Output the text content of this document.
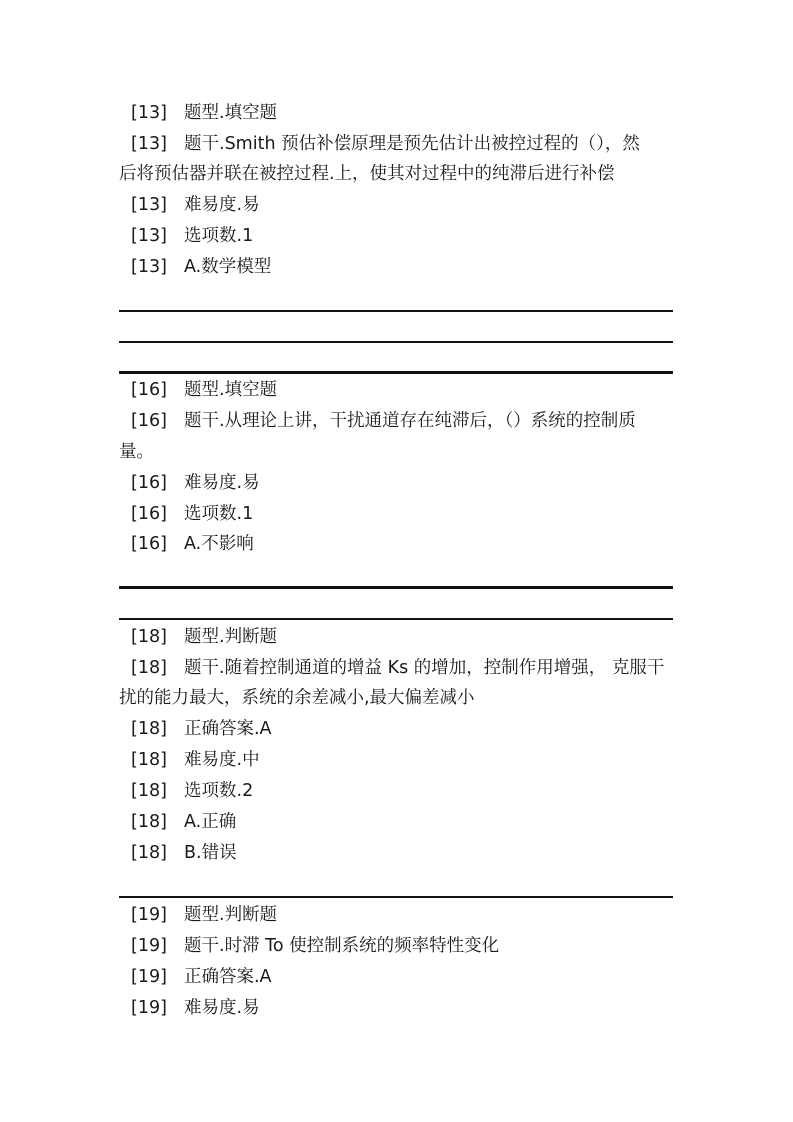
[13] 题型.填空题
[13] 题干.Smith 预估补偿原理是预先估计出被控过程的（），然
后将预估器并联在被控过程.上，使其对过程中的纯滞后进行补偿
[13] 难易度.易
[13] 选项数.1
[13] A.数学模型
[16] 题型.填空题
[16] 题干.从理论上讲，干扰通道存在纯滞后，（）系统的控制质
量。
[16] 难易度.易
[16] 选项数.1
[16] A.不影响
[18] 题型.判断题
[18] 题干.随着控制通道的增益 Ks 的增加，控制作用增强， 克服干
扰的能力最大，系统的余差减小,最大偏差减小
[18] 正确答案.A
[18] 难易度.中
[18] 选项数.2
[18] A.正确
[18] B.错误
[19] 题型.判断题
[19] 题干.时滞 To 使控制系统的频率特性变化
[19] 正确答案.A
[19] 难易度.易
